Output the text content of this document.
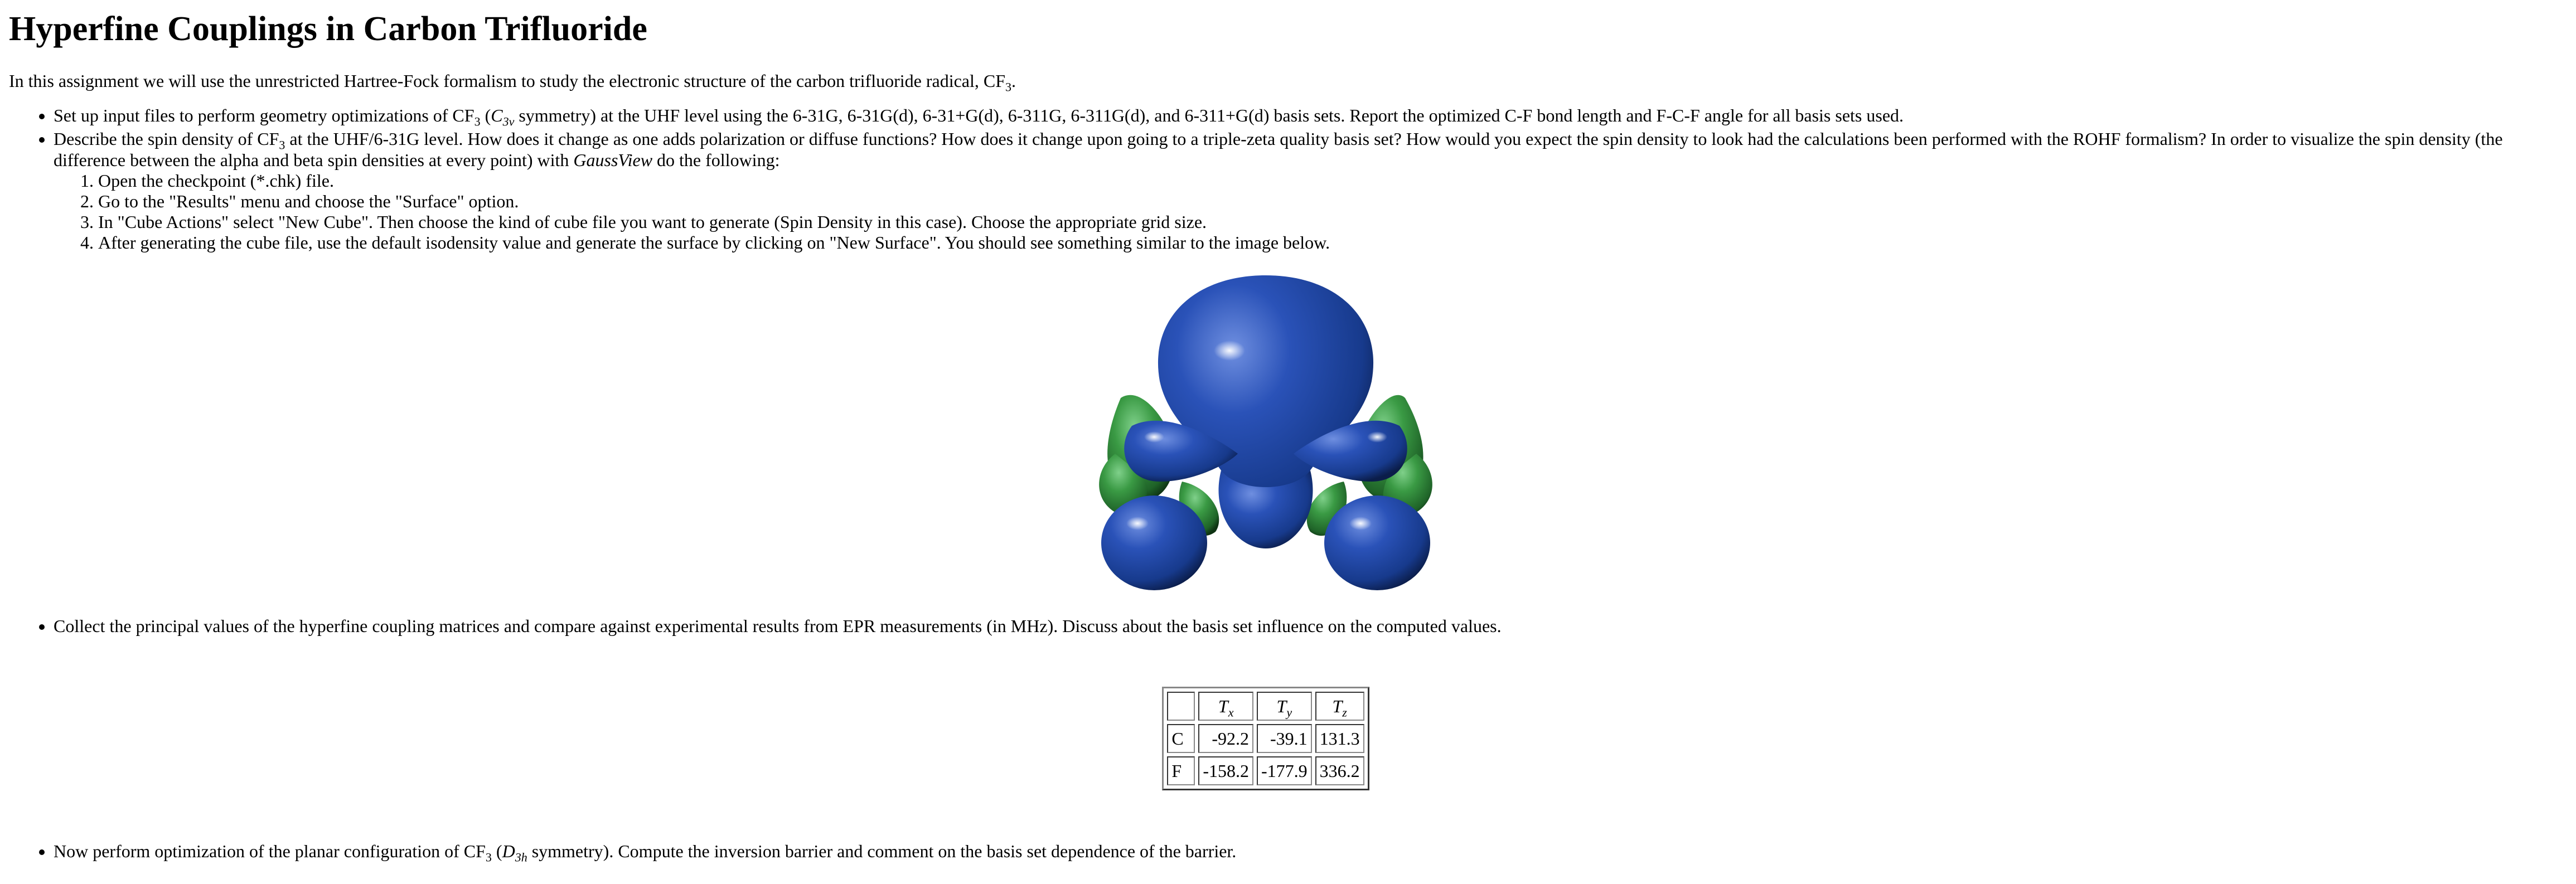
Hyperfine Couplings in Carbon Trifluoride

In this assignment we will use the unrestricted Hartree-Fock formalism to study the electronic structure of the carbon trifluoride radical, $CF_3$.

• Set up input files to perform geometry optimizations of $CF_3$ ($C_{3v}$ symmetry) at the UHF level using the 6-31G, 6-31G(d), 6-31+G(d), 6-311G, 6-311G(d), and 6-311+G(d) basis sets. Report the optimized C-F bond length and F-C-F angle for all basis sets used.
• Describe the spin density of $CF_3$ at the UHF/6-31G level. How does it change as one adds polarization or diffuse functions? How does it change upon going to a triple-zeta quality basis set? How would you expect the spin density to look had the calculations been performed with the ROHF formalism? In order to visualize the spin density (the difference between the alpha and beta spin densities at every point) with GaussView do the following:
1. Open the checkpoint (*.chk) file.
2. Go to the "Results" menu and choose the "Surface" option.
3. In "Cube Actions" select "New Cube". Then choose the kind of cube file you want to generate (Spin Density in this case). Choose the appropriate grid size.
4. After generating the cube file, use the default isodensity value and generate the surface by clicking on "New Surface". You should see something similar to the image below.
• Collect the principal values of the hyperfine coupling matrices and compare against experimental results from EPR measurements (in MHz). Discuss about the basis set influence on the computed values.
	$T_x$	$T_y$	$T_z$
C	-92.2	-39.1	131.3
F	-158.2	-177.9	336.2
• Now perform optimization of the planar configuration of $CF_3$ ($D_{3h}$ symmetry). Compute the inversion barrier and comment on the basis set dependence of the barrier.
